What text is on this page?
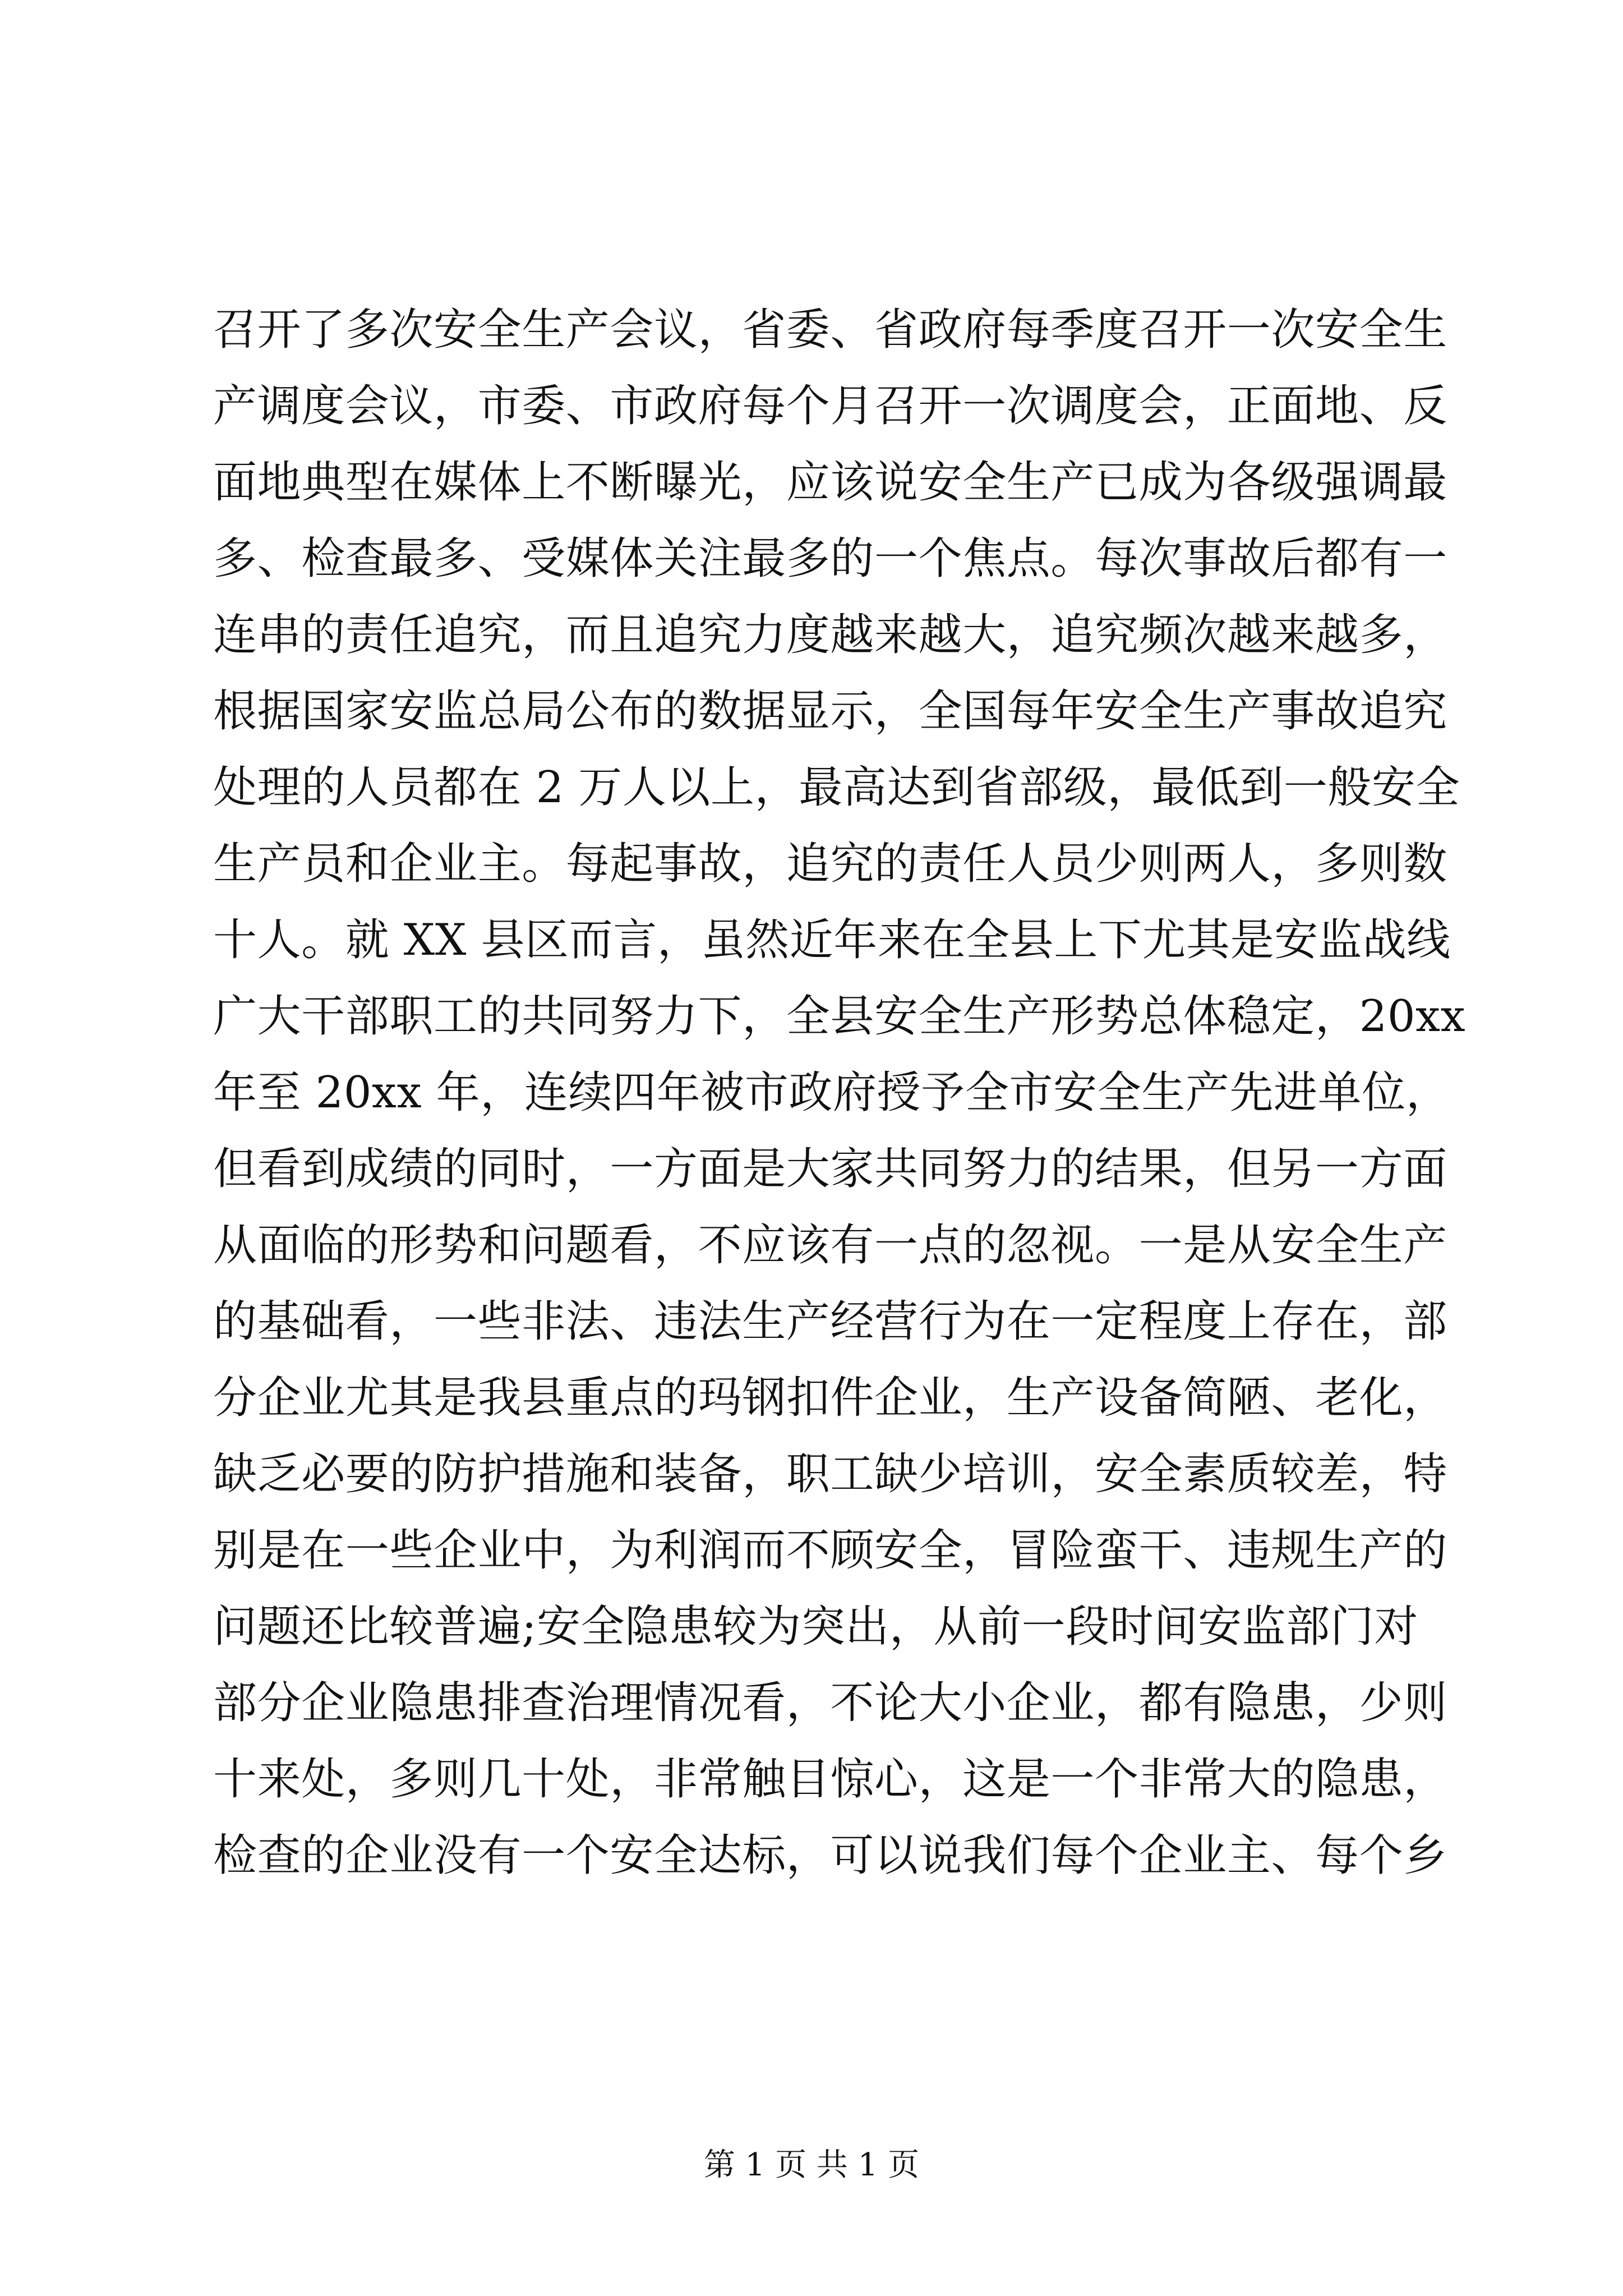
召开了多次安全生产会议，省委、省政府每季度召开一次安全生
产调度会议，市委、市政府每个月召开一次调度会，正面地、反
面地典型在媒体上不断曝光，应该说安全生产已成为各级强调最
多、检查最多、受媒体关注最多的一个焦点。每次事故后都有一
连串的责任追究，而且追究力度越来越大，追究频次越来越多，
根据国家安监总局公布的数据显示，全国每年安全生产事故追究
处理的人员都在 2 万人以上，最高达到省部级，最低到一般安全
生产员和企业主。每起事故，追究的责任人员少则两人，多则数
十人。就 XX 县区而言，虽然近年来在全县上下尤其是安监战线
广大干部职工的共同努力下，全县安全生产形势总体稳定，20xx
年至 20xx 年，连续四年被市政府授予全市安全生产先进单位，
但看到成绩的同时，一方面是大家共同努力的结果，但另一方面
从面临的形势和问题看，不应该有一点的忽视。一是从安全生产
的基础看，一些非法、违法生产经营行为在一定程度上存在，部
分企业尤其是我县重点的玛钢扣件企业，生产设备简陋、老化，
缺乏必要的防护措施和装备，职工缺少培训，安全素质较差，特
别是在一些企业中，为利润而不顾安全，冒险蛮干、违规生产的
问题还比较普遍;安全隐患较为突出，从前一段时间安监部门对
部分企业隐患排查治理情况看，不论大小企业，都有隐患，少则
十来处，多则几十处，非常触目惊心，这是一个非常大的隐患，
检查的企业没有一个安全达标，可以说我们每个企业主、每个乡
第 1 页 共 1 页
